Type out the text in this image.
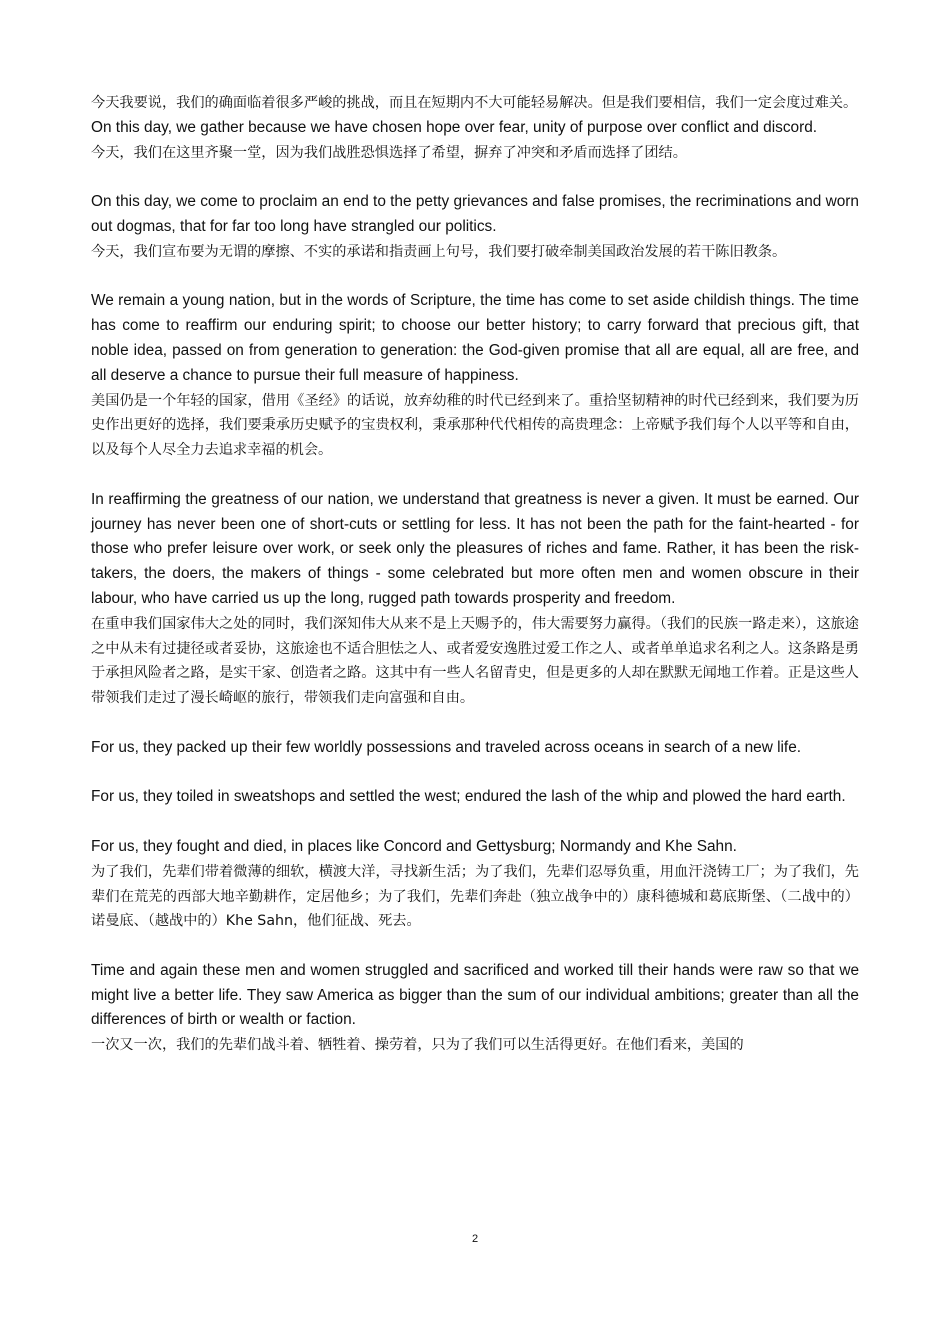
今天我要说，我们的确面临着很多严峻的挑战，而且在短期内不大可能轻易解决。但是我们要相信，我们一定会度过难关。

On this day, we gather because we have chosen hope over fear, unity of purpose over conflict and discord.

今天，我们在这里齐聚一堂，因为我们战胜恐惧选择了希望，摒弃了冲突和矛盾而选择了团结。

On this day, we come to proclaim an end to the petty grievances and false promises, the recriminations and worn out dogmas, that for far too long have strangled our politics.

今天，我们宣布要为无谓的摩擦、不实的承诺和指责画上句号，我们要打破牵制美国政治发展的若干陈旧教条。

We remain a young nation, but in the words of Scripture, the time has come to set aside childish things. The time has come to reaffirm our enduring spirit; to choose our better history; to carry forward that precious gift, that noble idea, passed on from generation to generation: the God-given promise that all are equal, all are free, and all deserve a chance to pursue their full measure of happiness.

美国仍是一个年轻的国家，借用《圣经》的话说，放弃幼稚的时代已经到来了。重拾坚韧精神的时代已经到来，我们要为历史作出更好的选择，我们要秉承历史赋予的宝贵权利，秉承那种代代相传的高贵理念：上帝赋予我们每个人以平等和自由，以及每个人尽全力去追求幸福的机会。

In reaffirming the greatness of our nation, we understand that greatness is never a given. It must be earned. Our journey has never been one of short-cuts or settling for less. It has not been the path for the faint-hearted - for those who prefer leisure over work, or seek only the pleasures of riches and fame. Rather, it has been the risk-takers, the doers, the makers of things - some celebrated but more often men and women obscure in their labour, who have carried us up the long, rugged path towards prosperity and freedom.

在重申我们国家伟大之处的同时，我们深知伟大从来不是上天赐予的，伟大需要努力赢得。（我们的民族一路走来），这旅途之中从未有过捷径或者妥协，这旅途也不适合胆怯之人、或者爱安逸胜过爱工作之人、或者单单追求名利之人。这条路是勇于承担风险者之路，是实干家、创造者之路。这其中有一些人名留青史，但是更多的人却在默默无闻地工作着。正是这些人带领我们走过了漫长崎岖的旅行，带领我们走向富强和自由。

For us, they packed up their few worldly possessions and traveled across oceans in search of a new life.

For us, they toiled in sweatshops and settled the west; endured the lash of the whip and plowed the hard earth.

For us, they fought and died, in places like Concord and Gettysburg; Normandy and Khe Sahn.

为了我们，先辈们带着微薄的细软，横渡大洋，寻找新生活；为了我们，先辈们忍辱负重，用血汗浇铸工厂；为了我们，先辈们在荒芜的西部大地辛勤耕作，定居他乡；为了我们，先辈们奔赴（独立战争中的）康科德城和葛底斯堡、（二战中的）诺曼底、（越战中的）Khe Sahn，他们征战、死去。

Time and again these men and women struggled and sacrificed and worked till their hands were raw so that we might live a better life. They saw America as bigger than the sum of our individual ambitions; greater than all the differences of birth or wealth or faction.

一次又一次，我们的先辈们战斗着、牺牲着、操劳着，只为了我们可以生活得更好。在他们看来，美国的

2
